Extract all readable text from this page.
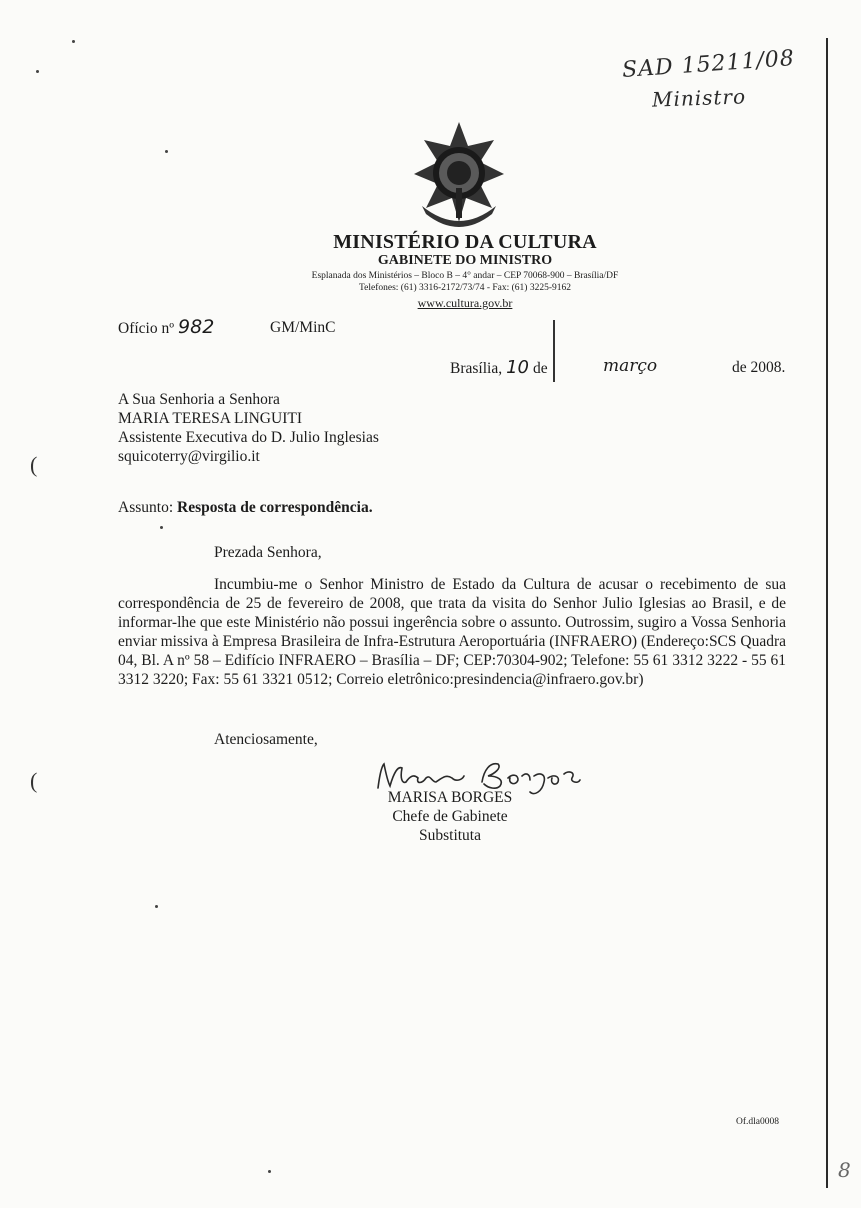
SAD 15211/08
Ministro
MINISTÉRIO DA CULTURA
GABINETE DO MINISTRO
Esplanada dos Ministérios – Bloco B – 4° andar – CEP 70068-900 – Brasília/DF
Telefones: (61) 3316-2172/73/74 - Fax: (61) 3225-9162
www.cultura.gov.br
Ofício nº 982	GM/MinC
Brasília, 10 de	março	de 2008.
A Sua Senhoria a Senhora
MARIA TERESA LINGUITI
Assistente Executiva do D. Julio Inglesias
squicoterry@virgilio.it
Assunto: Resposta de correspondência.
Prezada Senhora,
Incumbiu-me o Senhor Ministro de Estado da Cultura de acusar o recebimento de sua correspondência de 25 de fevereiro de 2008, que trata da visita do Senhor Julio Iglesias ao Brasil, e de informar-lhe que este Ministério não possui ingerência sobre o assunto. Outrossim, sugiro a Vossa Senhoria enviar missiva à Empresa Brasileira de Infra-Estrutura Aeroportuária (INFRAERO) (Endereço:SCS Quadra 04, Bl. A nº 58 – Edifício INFRAERO – Brasília – DF; CEP:70304-902; Telefone: 55 61 3312 3222 - 55 61 3312 3220; Fax: 55 61 3321 0512; Correio eletrônico:presindencia@infraero.gov.br)
Atenciosamente,
MARISA BORGES
Chefe de Gabinete
Substituta
Of.dla0008
(
(
8
